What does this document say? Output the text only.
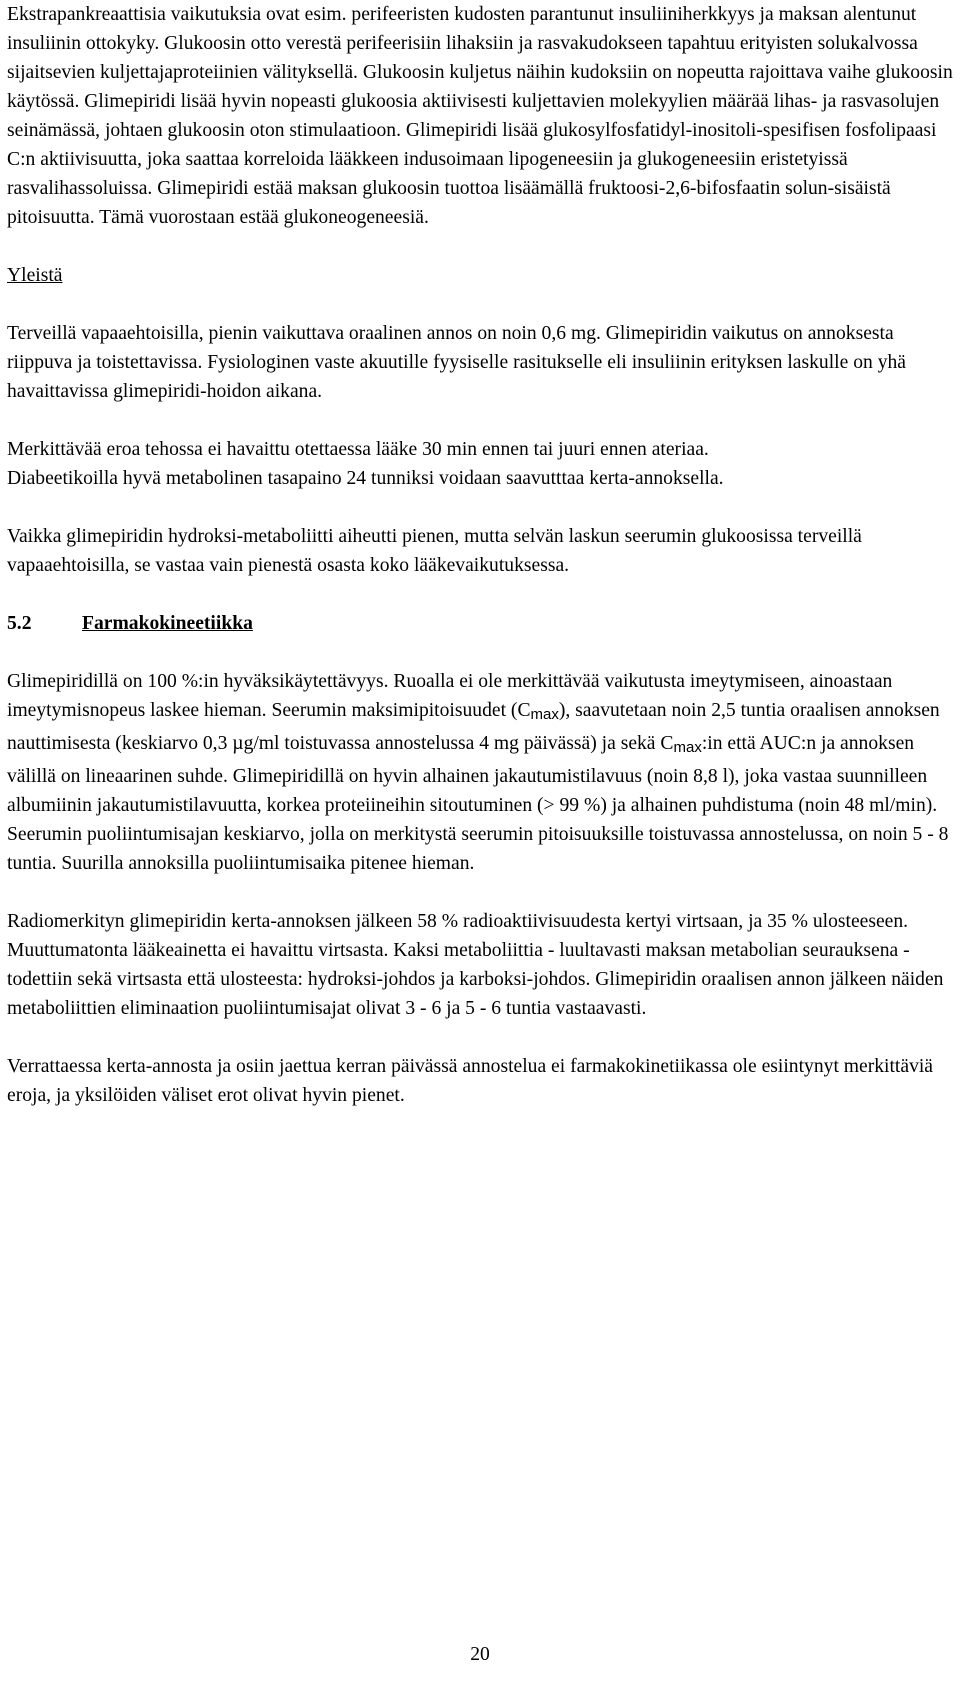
Ekstrapankreaattisia vaikutuksia ovat esim. perifeeristen kudosten parantunut insuliiniherkkyys ja maksan alentunut insuliinin ottokyky. Glukoosin otto verestä perifeerisiin lihaksiin ja rasvakudokseen tapahtuu erityisten solukalvossa sijaitsevien kuljettajaproteiinien välityksellä. Glukoosin kuljetus näihin kudoksiin on nopeutta rajoittava vaihe glukoosin käytössä. Glimepiridi lisää hyvin nopeasti glukoosia aktiivisesti kuljettavien molekyylien määrää lihas- ja rasvasolujen seinämässä, johtaen glukoosin oton stimulaatioon. Glimepiridi lisää glukosylfosfatidyl-inositoli-spesifisen fosfolipaasi C:n aktiivisuutta, joka saattaa korreloida lääkkeen indusoimaan lipogeneesiin ja glukogeneesiin eristetyissä rasvalihassoluissa. Glimepiridi estää maksan glukoosin tuottoa lisäämällä fruktoosi-2,6-bifosfaatin solun-sisäistä pitoisuutta. Tämä vuorostaan estää glukoneogeneesiä.

Yleistä

Terveillä vapaaehtoisilla, pienin vaikuttava oraalinen annos on noin 0,6 mg. Glimepiridin vaikutus on annoksesta riippuva ja toistettavissa. Fysiologinen vaste akuutille fyysiselle rasitukselle eli insuliinin erityksen laskulle on yhä havaittavissa glimepiridi-hoidon aikana.

Merkittävää eroa tehossa ei havaittu otettaessa lääke 30 min ennen tai juuri ennen ateriaa.

Diabeetikoilla hyvä metabolinen tasapaino 24 tunniksi voidaan saavutttaa kerta-annoksella.

Vaikka glimepiridin hydroksi-metaboliitti aiheutti pienen, mutta selvän laskun seerumin glukoosissa terveillä vapaaehtoisilla, se vastaa vain pienestä osasta koko lääkevaikutuksessa.

5.2	Farmakokineetiikka

Glimepiridillä on 100 %:in hyväksikäytettävyys. Ruoalla ei ole merkittävää vaikutusta imeytymiseen, ainoastaan imeytymisnopeus laskee hieman. Seerumin maksimipitoisuudet $(C_{max})$, saavutetaan noin 2,5 tuntia oraalisen annoksen nauttimisesta (keskiarvo 0,3 µg/ml toistuvassa annostelussa 4 mg päivässä) ja sekä $C_{max}:in$ että AUC:n ja annoksen välillä on lineaarinen suhde. Glimepiridillä on hyvin alhainen jakautumistilavuus (noin 8,8 l), joka vastaa suunnilleen albumiinin jakautumistilavuutta, korkea proteiineihin sitoutuminen (> 99 %) ja alhainen puhdistuma (noin 48 ml/min). Seerumin puoliintumisajan keskiarvo, jolla on merkitystä seerumin pitoisuuksille toistuvassa annostelussa, on noin 5 - 8 tuntia. Suurilla annoksilla puoliintumisaika pitenee hieman.

Radiomerkityn glimepiridin kerta-annoksen jälkeen 58 % radioaktiivisuudesta kertyi virtsaan, ja 35 % ulosteeseen. Muuttumatonta lääkeainetta ei havaittu virtsasta. Kaksi metaboliittia - luultavasti maksan metabolian seurauksena - todettiin sekä virtsasta että ulosteesta: hydroksi-johdos ja karboksi-johdos. Glimepiridin oraalisen annon jälkeen näiden metaboliittien eliminaation puoliintumisajat olivat 3 - 6 ja 5 - 6 tuntia vastaavasti.

Verrattaessa kerta-annosta ja osiin jaettua kerran päivässä annostelua ei farmakokinetiikassa ole esiintynyt merkittäviä eroja, ja yksilöiden väliset erot olivat hyvin pienet.

20
